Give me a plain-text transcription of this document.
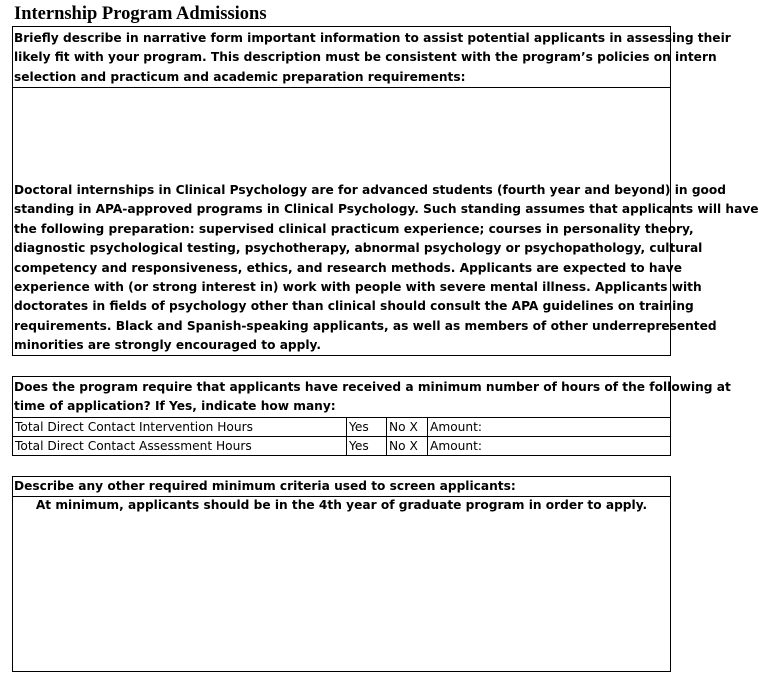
Internship Program Admissions
Briefly describe in narrative form important information to assist potential applicants in assessing their
likely fit with your program. This description must be consistent with the program’s policies on intern
selection and practicum and academic preparation requirements:
Doctoral internships in Clinical Psychology are for advanced students (fourth year and beyond) in good
standing in APA-approved programs in Clinical Psychology. Such standing assumes that applicants will have
the following preparation: supervised clinical practicum experience; courses in personality theory,
diagnostic psychological testing, psychotherapy, abnormal psychology or psychopathology, cultural
competency and responsiveness, ethics, and research methods. Applicants are expected to have
experience with (or strong interest in) work with people with severe mental illness. Applicants with
doctorates in fields of psychology other than clinical should consult the APA guidelines on training
requirements. Black and Spanish-speaking applicants, as well as members of other underrepresented
minorities are strongly encouraged to apply.
Does the program require that applicants have received a minimum number of hours of the following at
time of application? If Yes, indicate how many:
Total Direct Contact Intervention Hours	Yes	No X	Amount:
Total Direct Contact Assessment Hours	Yes	No X	Amount:
Describe any other required minimum criteria used to screen applicants:
At minimum, applicants should be in the 4th year of graduate program in order to apply.
